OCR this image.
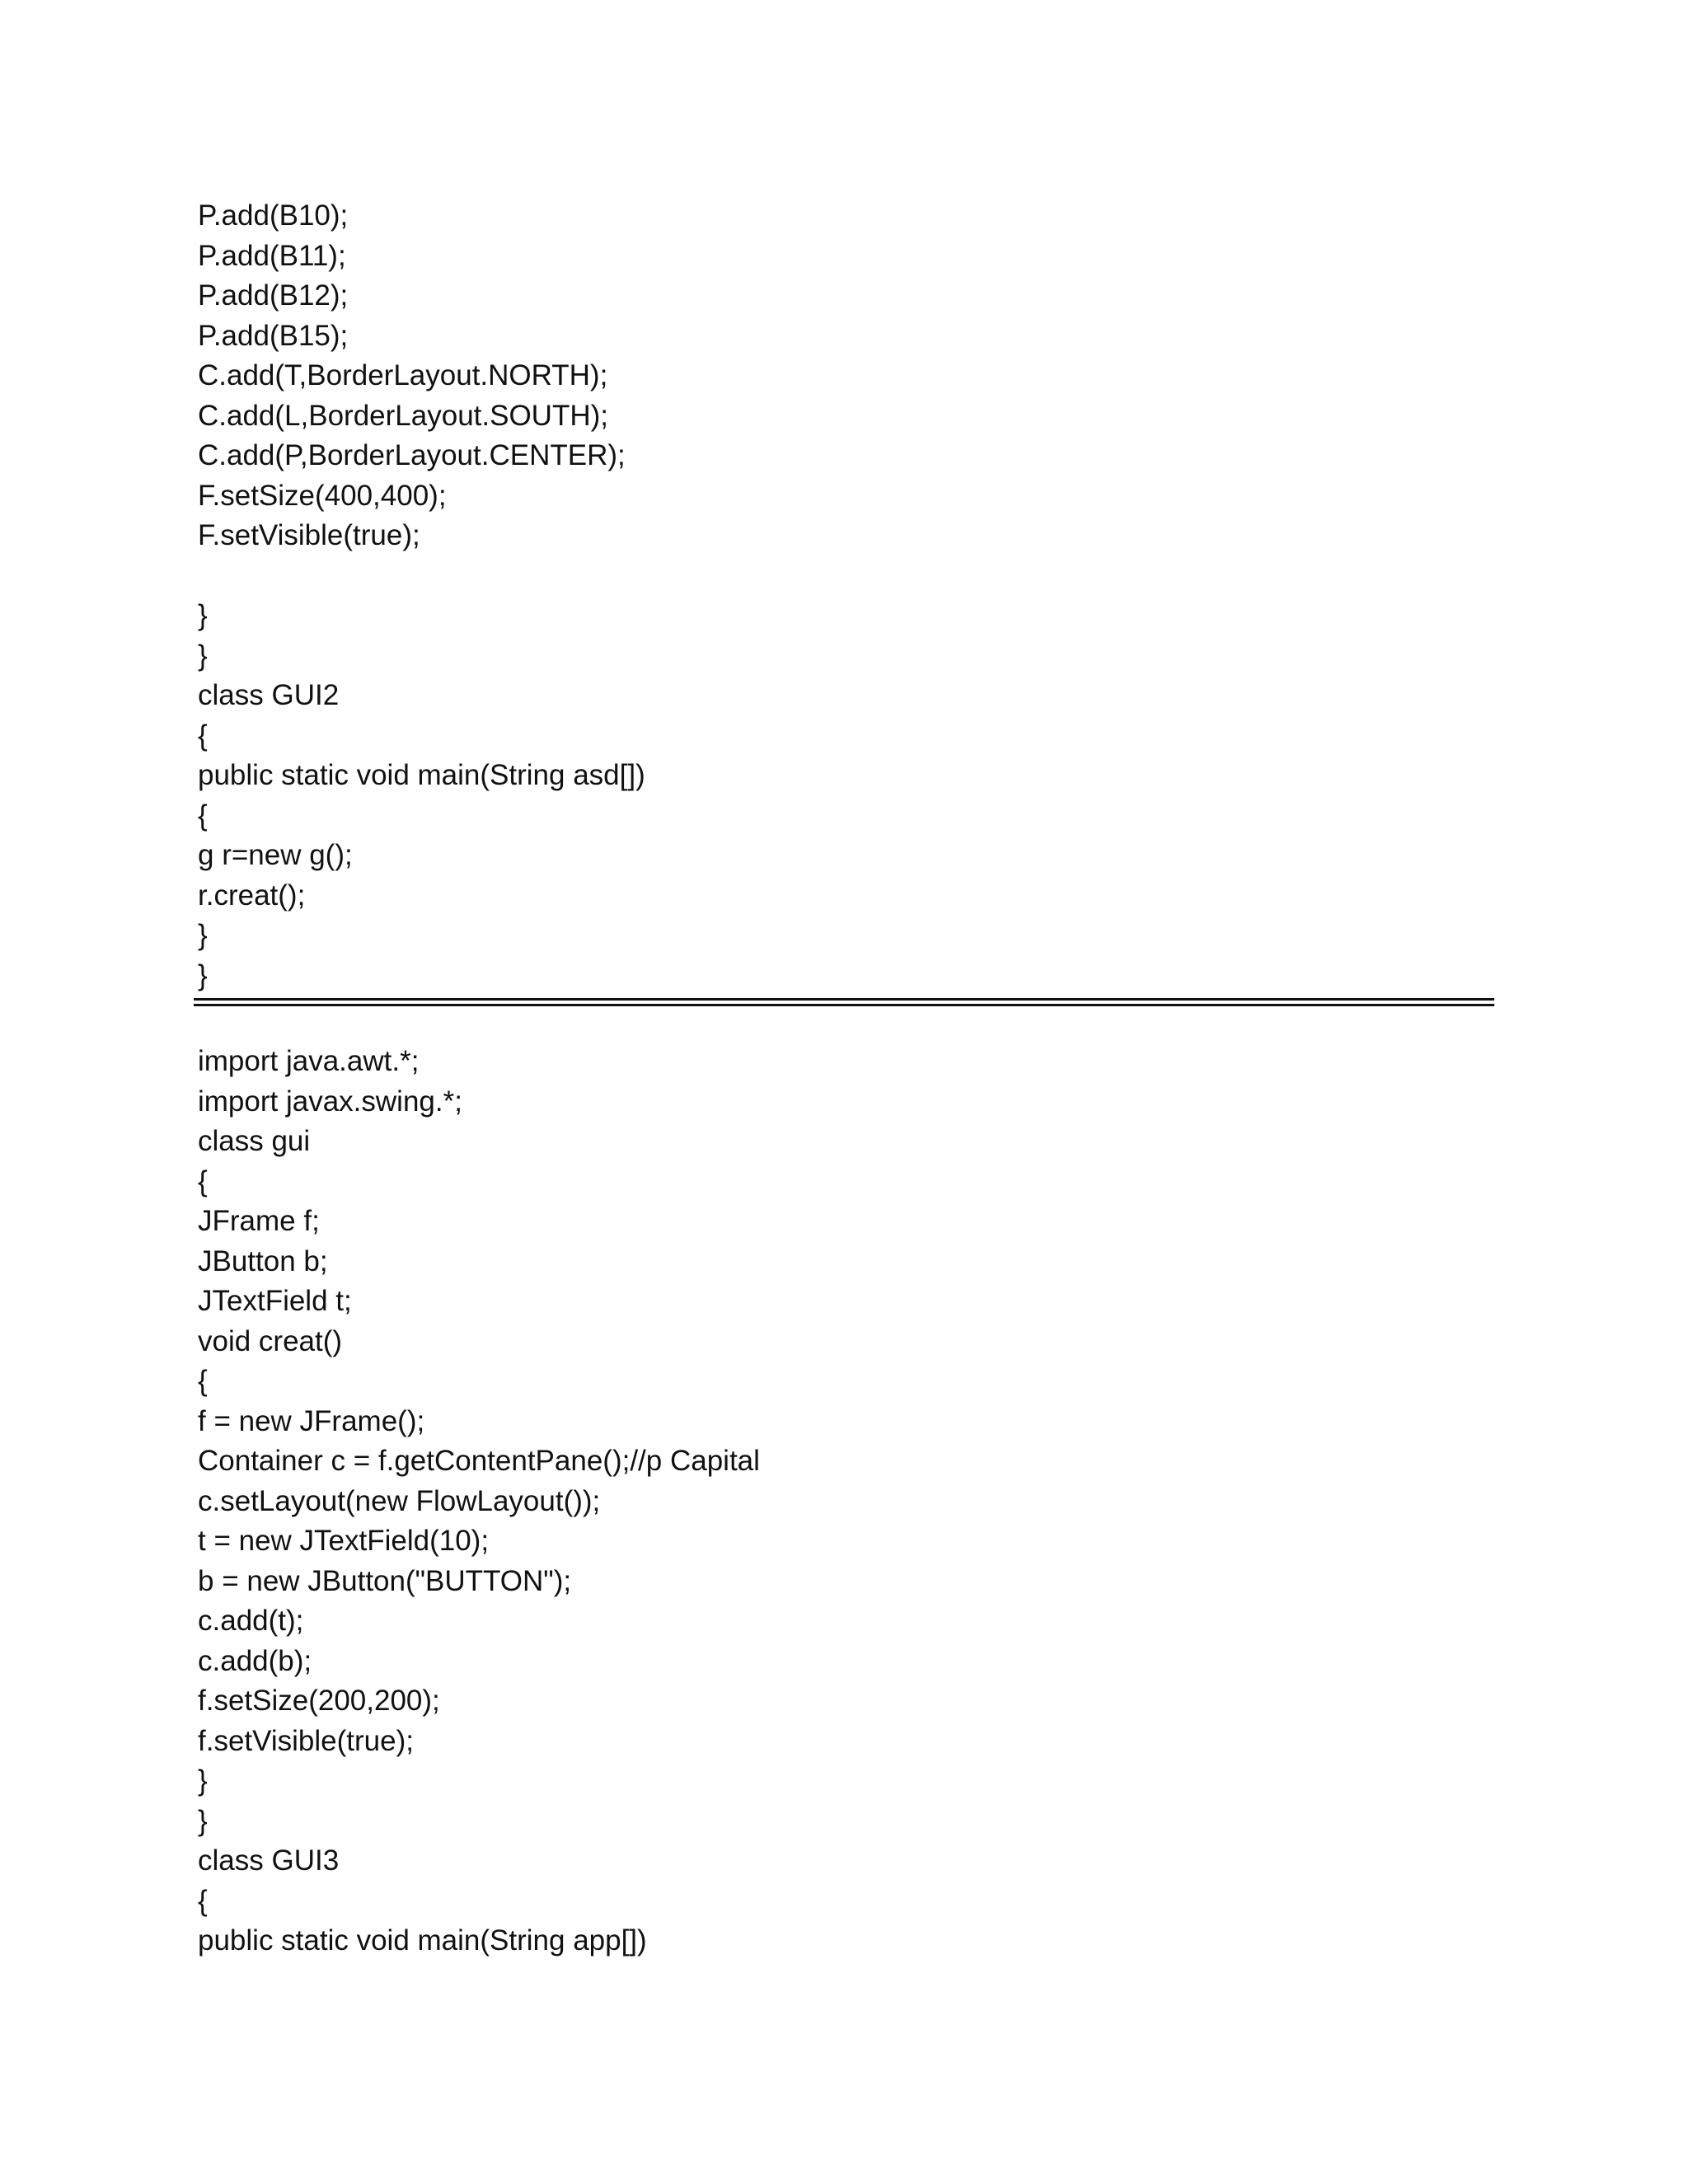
P.add(B10);
P.add(B11);
P.add(B12);
P.add(B15);
C.add(T,BorderLayout.NORTH);
C.add(L,BorderLayout.SOUTH);
C.add(P,BorderLayout.CENTER);
F.setSize(400,400);
F.setVisible(true);
}
}
class GUI2
{
public static void main(String asd[])
{
g r=new g();
r.creat();
}
}
import java.awt.*;
import javax.swing.*;
class gui
{
JFrame f;
JButton b;
JTextField t;
void creat()
{
f = new JFrame();
Container c = f.getContentPane();//p Capital
c.setLayout(new FlowLayout());
t = new JTextField(10);
b = new JButton("BUTTON");
c.add(t);
c.add(b);
f.setSize(200,200);
f.setVisible(true);
}
}
class GUI3
{
public static void main(String app[])
